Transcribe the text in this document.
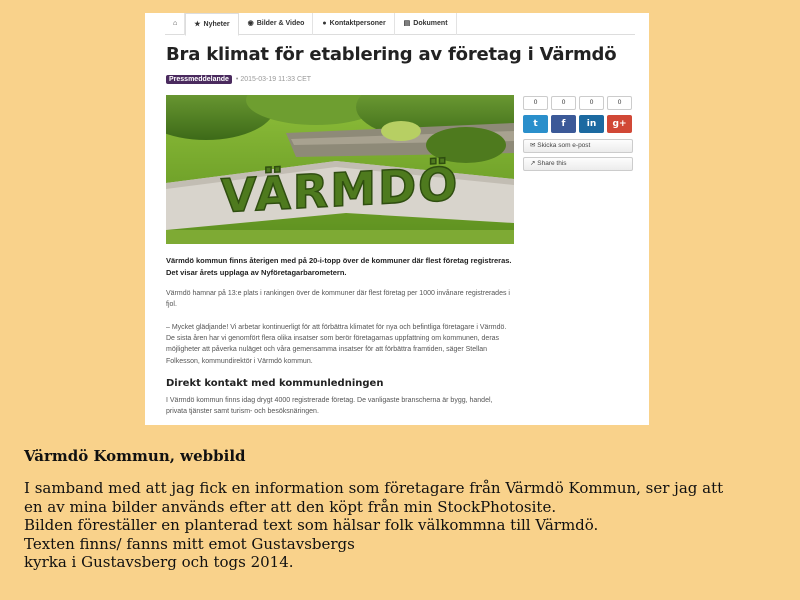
⌂ ★ Nyheter	◉ Bilder & Video	● Kontaktpersoner	▤ Dokument
Bra klimat för etablering av företag i Värmdö
Pressmeddelande	• 2015-03-19 11:33 CET
VÄRMDÖ
Värmdö kommun finns återigen med på 20-i-topp över de kommuner där flest företag registreras. Det visar årets upplaga av Nyföretagarbarometern.
Värmdö hamnar på 13:e plats i rankingen över de kommuner där flest företag per 1000 invånare registrerades i fjol.
– Mycket glädjande! Vi arbetar kontinuerligt för att förbättra klimatet för nya och befintliga företagare i Värmdö. De sista åren har vi genomfört flera olika insatser som berör företagarnas uppfattning om kommunen, deras möjligheter att påverka nuläget och våra gemensamma insatser för att förbättra framtiden, säger Stellan Folkesson, kommundirektör i Värmdö kommun.
Direkt kontakt med kommunledningen
I Värmdö kommun finns idag drygt 4000 registrerade företag. De vanligaste branscherna är bygg, handel, privata tjänster samt turism- och besöksnäringen.
0	0	0	0
t	f	in	g+
✉ Skicka som e-post
↗ Share this
Värmdö Kommun, webbild
I samband med att jag fick en information som företagare från Värmdö Kommun, ser jag att
en av mina bilder används efter att den köpt från min StockPhotosite.
Bilden föreställer en planterad text som hälsar folk välkommna till Värmdö.
Texten finns/ fanns mitt emot Gustavsbergs
kyrka i Gustavsberg och togs 2014.
